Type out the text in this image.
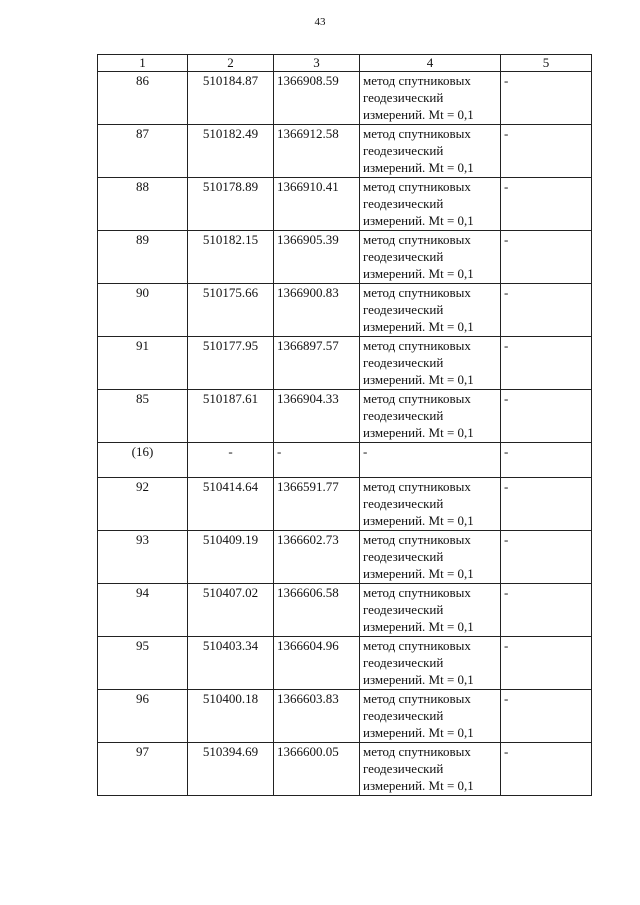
43
1	2	3	4	5
86	510184.87	1366908.59	метод спутниковых
геодезический
измерений. Mt = 0,1	-
87	510182.49	1366912.58	метод спутниковых
геодезический
измерений. Mt = 0,1	-
88	510178.89	1366910.41	метод спутниковых
геодезический
измерений. Mt = 0,1	-
89	510182.15	1366905.39	метод спутниковых
геодезический
измерений. Mt = 0,1	-
90	510175.66	1366900.83	метод спутниковых
геодезический
измерений. Mt = 0,1	-
91	510177.95	1366897.57	метод спутниковых
геодезический
измерений. Mt = 0,1	-
85	510187.61	1366904.33	метод спутниковых
геодезический
измерений. Mt = 0,1	-
(16)	-	-	-	-
92	510414.64	1366591.77	метод спутниковых
геодезический
измерений. Mt = 0,1	-
93	510409.19	1366602.73	метод спутниковых
геодезический
измерений. Mt = 0,1	-
94	510407.02	1366606.58	метод спутниковых
геодезический
измерений. Mt = 0,1	-
95	510403.34	1366604.96	метод спутниковых
геодезический
измерений. Mt = 0,1	-
96	510400.18	1366603.83	метод спутниковых
геодезический
измерений. Mt = 0,1	-
97	510394.69	1366600.05	метод спутниковых
геодезический
измерений. Mt = 0,1	-
